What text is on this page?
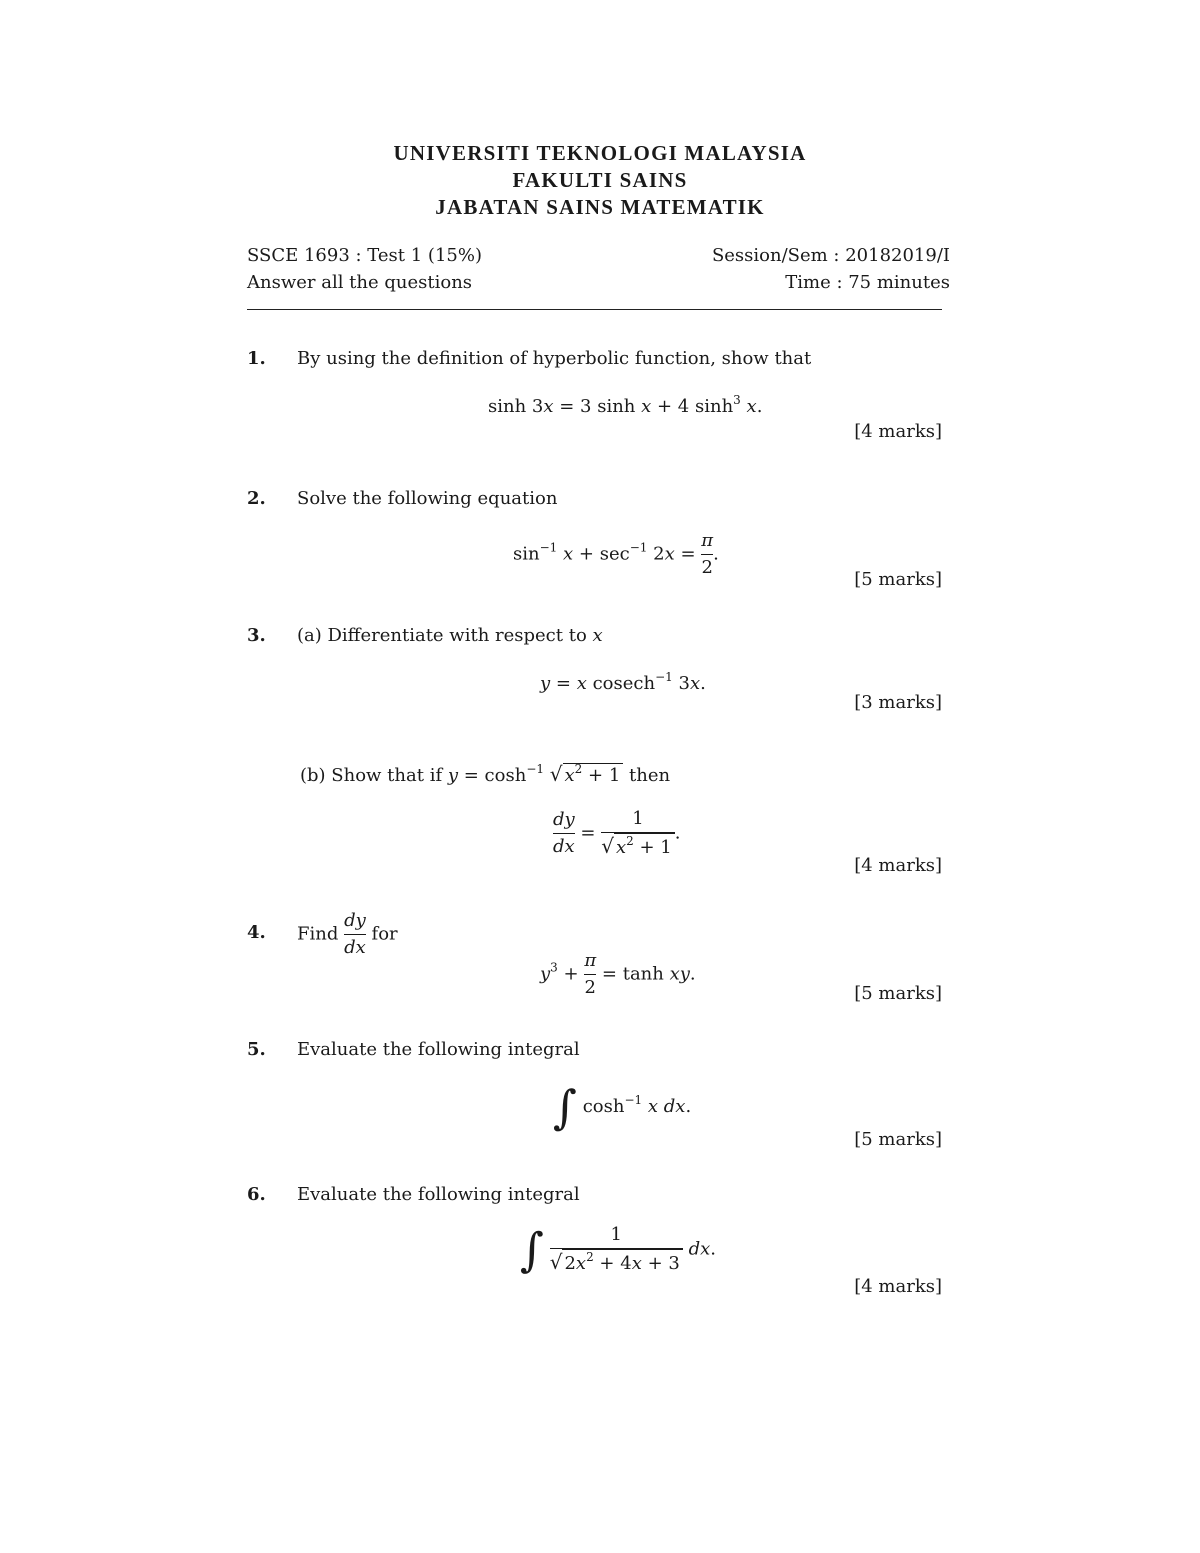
UNIVERSITI TEKNOLOGI MALAYSIA
FAKULTI SAINS
JABATAN SAINS MATEMATIK
SSCE 1693 : Test 1 (15%)	Session/Sem : 20182019/I
Answer all the questions	Time : 75 minutes
1. By using the definition of hyperbolic function, show that
sinh 3x = 3 sinh x + 4 $\sinh^3 x$.
[4 marks]
2. Solve the following equation
$\sin^{-1} x + \sec^{-1} 2x = \frac{\pi}{2}$ .
[5 marks]
3. (a) Differentiate with respect to x
y = x cosech$^{-1}$ 3x.
[3 marks]
(b) Show that if $y = \cosh^{-1}$ √ $x^2 + 1$ then
$\frac{dy}{dx} = \frac{1}{√ x^2 + 1}$ .
[4 marks]
4. Find $\frac{dy}{dx}$ for
$y^3 + \frac{\pi}{2} = \tanh$ xy.
[5 marks]
5. Evaluate the following integral
∫ $\cosh^{-1} x$ dx.
[5 marks]
6. Evaluate the following integral
∫ $\frac{1}{√ 2x^2 + 4x + 3}$ dx.
[4 marks]
